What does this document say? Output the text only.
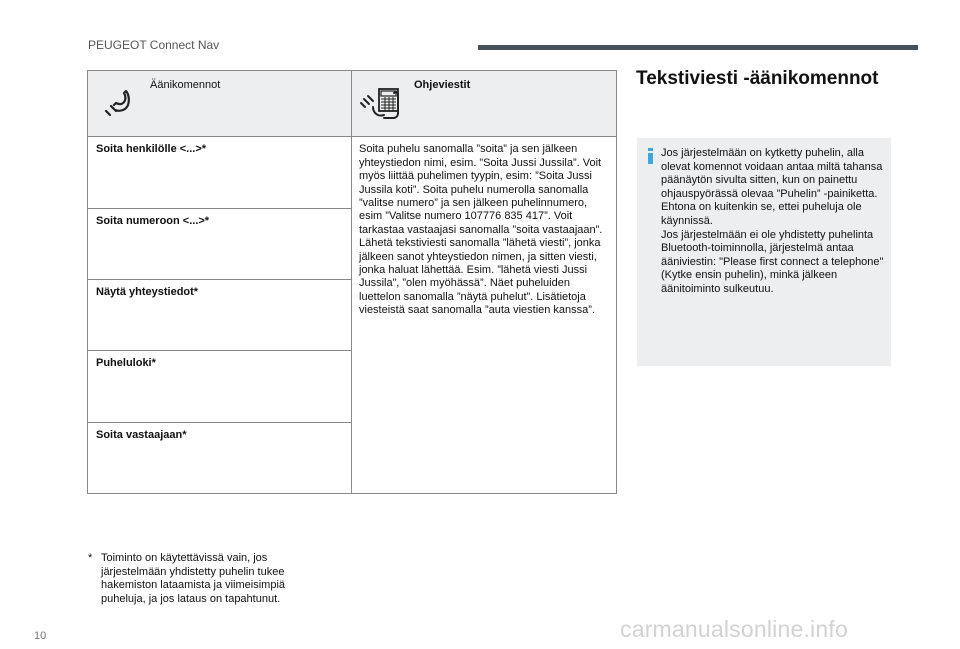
PEUGEOT Connect Nav
Äänikomennot	Ohjeviestit

Soita henkilölle <...>*	Soita puhelu sanomalla ”soita” ja sen jälkeen yhteystiedon nimi, esim. ”Soita Jussi Jussila”. Voit myös liittää puhelimen tyypin, esim: ”Soita Jussi Jussila koti”. Soita puhelu numerolla sanomalla ”valitse numero” ja sen jälkeen puhelinnumero, esim ”Valitse numero 107776 835 417”. Voit tarkastaa vastaajasi sanomalla ”soita vastaajaan”. Lähetä tekstiviesti sanomalla ”lähetä viesti”, jonka jälkeen sanot yhteystiedon nimen, ja sitten viesti, jonka haluat lähettää. Esim. ”lähetä viesti Jussi Jussila”, ”olen myöhässä”. Näet puheluiden luettelon sanomalla ”näytä puhelut”. Lisätietoja viesteistä saat sanomalla ”auta viestien kanssa”.
Soita numeroon <...>*	
Näytä yhteystiedot*	
Puheluloki*	
Soita vastaajaan*	
Tekstiviesti -äänikomennot

Jos järjestelmään on kytketty puhelin, alla olevat komennot voidaan antaa miltä tahansa päänäytön sivulta sitten, kun on painettu ohjauspyörässä olevaa ”Puhelin” -painiketta. Ehtona on kuitenkin se, ettei puheluja ole käynnissä.

Jos järjestelmään ei ole yhdistetty puhelinta Bluetooth-toiminnolla, järjestelmä antaa ääniviestin: "Please first connect a telephone" (Kytke ensin puhelin), minkä jälkeen äänitoiminto sulkeutuu.

* Toiminto on käytettävissä vain, jos järjestelmään yhdistetty puhelin tukee hakemiston lataamista ja viimeisimpiä puheluja, ja jos lataus on tapahtunut.
10	carmanualsonline.info
